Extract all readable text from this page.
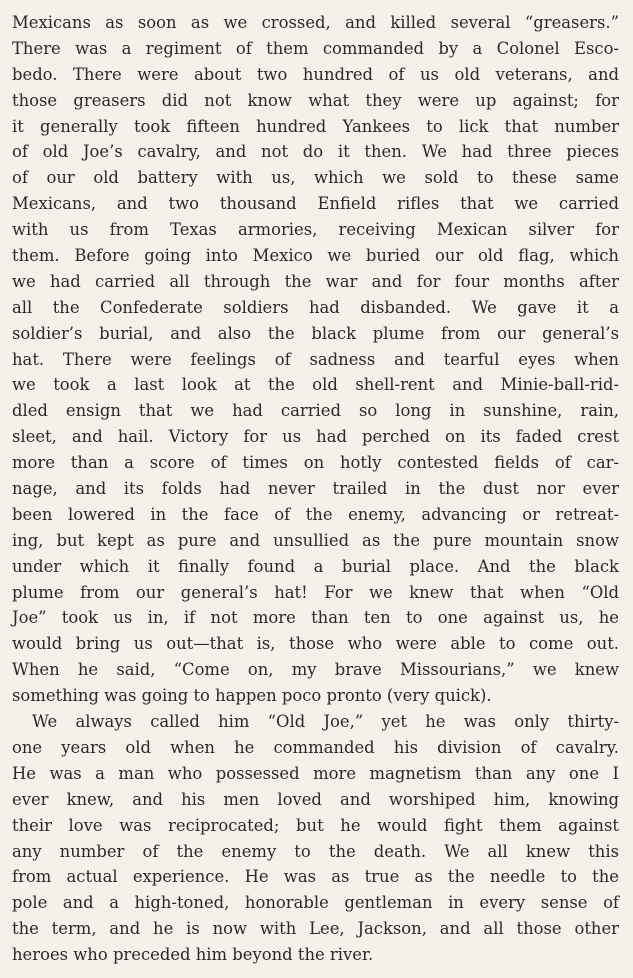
Mexicans as soon as we crossed, and killed several “greasers.”
There was a regiment of them commanded by a Colonel Esco-
bedo. There were about two hundred of us old veterans, and
those greasers did not know what they were up against; for
it generally took fifteen hundred Yankees to lick that number
of old Joe’s cavalry, and not do it then. We had three pieces
of our old battery with us, which we sold to these same
Mexicans, and two thousand Enfield rifles that we carried
with us from Texas armories, receiving Mexican silver for
them. Before going into Mexico we buried our old flag, which
we had carried all through the war and for four months after
all the Confederate soldiers had disbanded. We gave it a
soldier’s burial, and also the black plume from our general’s
hat. There were feelings of sadness and tearful eyes when
we took a last look at the old shell-rent and Minie-ball-rid-
dled ensign that we had carried so long in sunshine, rain,
sleet, and hail. Victory for us had perched on its faded crest
more than a score of times on hotly contested fields of car-
nage, and its folds had never trailed in the dust nor ever
been lowered in the face of the enemy, advancing or retreat-
ing, but kept as pure and unsullied as the pure mountain snow
under which it finally found a burial place. And the black
plume from our general’s hat! For we knew that when “Old
Joe” took us in, if not more than ten to one against us, he
would bring us out—that is, those who were able to come out.
When he said, “Come on, my brave Missourians,” we knew
something was going to happen poco pronto (very quick).
We always called him “Old Joe,” yet he was only thirty-
one years old when he commanded his division of cavalry.
He was a man who possessed more magnetism than any one I
ever knew, and his men loved and worshiped him, knowing
their love was reciprocated; but he would fight them against
any number of the enemy to the death. We all knew this
from actual experience. He was as true as the needle to the
pole and a high-toned, honorable gentleman in every sense of
the term, and he is now with Lee, Jackson, and all those other
heroes who preceded him beyond the river.
